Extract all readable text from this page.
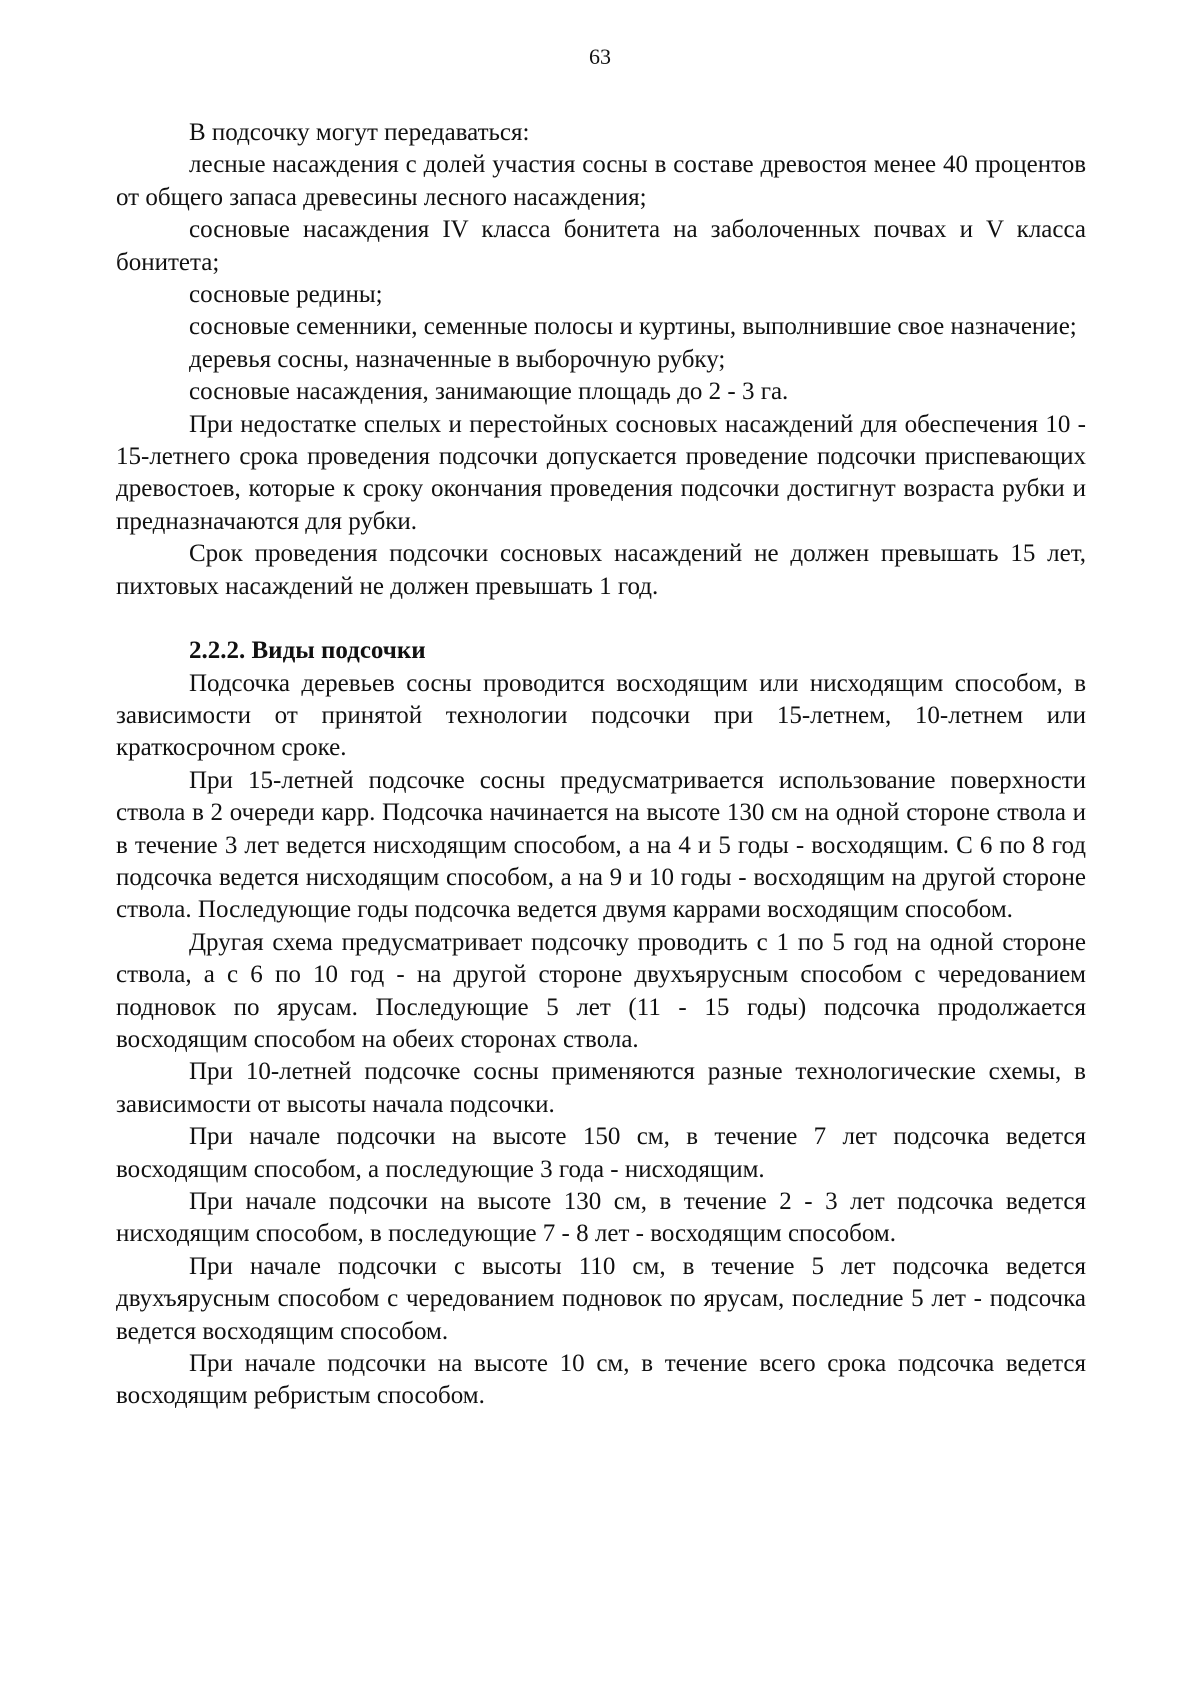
63

В подсочку могут передаваться:

лесные насаждения с долей участия сосны в составе древостоя менее 40 процентов от общего запаса древесины лесного насаждения;

сосновые насаждения IV класса бонитета на заболоченных почвах и V класса бонитета;

сосновые редины;

сосновые семенники, семенные полосы и куртины, выполнившие свое назначение;

деревья сосны, назначенные в выборочную рубку;

сосновые насаждения, занимающие площадь до 2 - 3 га.

При недостатке спелых и перестойных сосновых насаждений для обеспечения 10 - 15-летнего срока проведения подсочки допускается проведение подсочки приспевающих древостоев, которые к сроку окончания проведения подсочки достигнут возраста рубки и предназначаются для рубки.

Срок проведения подсочки сосновых насаждений не должен превышать 15 лет, пихтовых насаждений не должен превышать 1 год.

2.2.2. Виды подсочки

Подсочка деревьев сосны проводится восходящим или нисходящим способом, в зависимости от принятой технологии подсочки при 15-летнем, 10-летнем или краткосрочном сроке.

При 15-летней подсочке сосны предусматривается использование поверхности ствола в 2 очереди карр. Подсочка начинается на высоте 130 см на одной стороне ствола и в течение 3 лет ведется нисходящим способом, а на 4 и 5 годы - восходящим. С 6 по 8 год подсочка ведется нисходящим способом, а на 9 и 10 годы - восходящим на другой стороне ствола. Последующие годы подсочка ведется двумя каррами восходящим способом.

Другая схема предусматривает подсочку проводить с 1 по 5 год на одной стороне ствола, а с 6 по 10 год - на другой стороне двухъярусным способом с чередованием подновок по ярусам. Последующие 5 лет (11 - 15 годы) подсочка продолжается восходящим способом на обеих сторонах ствола.

При 10-летней подсочке сосны применяются разные технологические схемы, в зависимости от высоты начала подсочки.

При начале подсочки на высоте 150 см, в течение 7 лет подсочка ведется восходящим способом, а последующие 3 года - нисходящим.

При начале подсочки на высоте 130 см, в течение 2 - 3 лет подсочка ведется нисходящим способом, в последующие 7 - 8 лет - восходящим способом.

При начале подсочки с высоты 110 см, в течение 5 лет подсочка ведется двухъярусным способом с чередованием подновок по ярусам, последние 5 лет - подсочка ведется восходящим способом.

При начале подсочки на высоте 10 см, в течение всего срока подсочка ведется восходящим ребристым способом.
